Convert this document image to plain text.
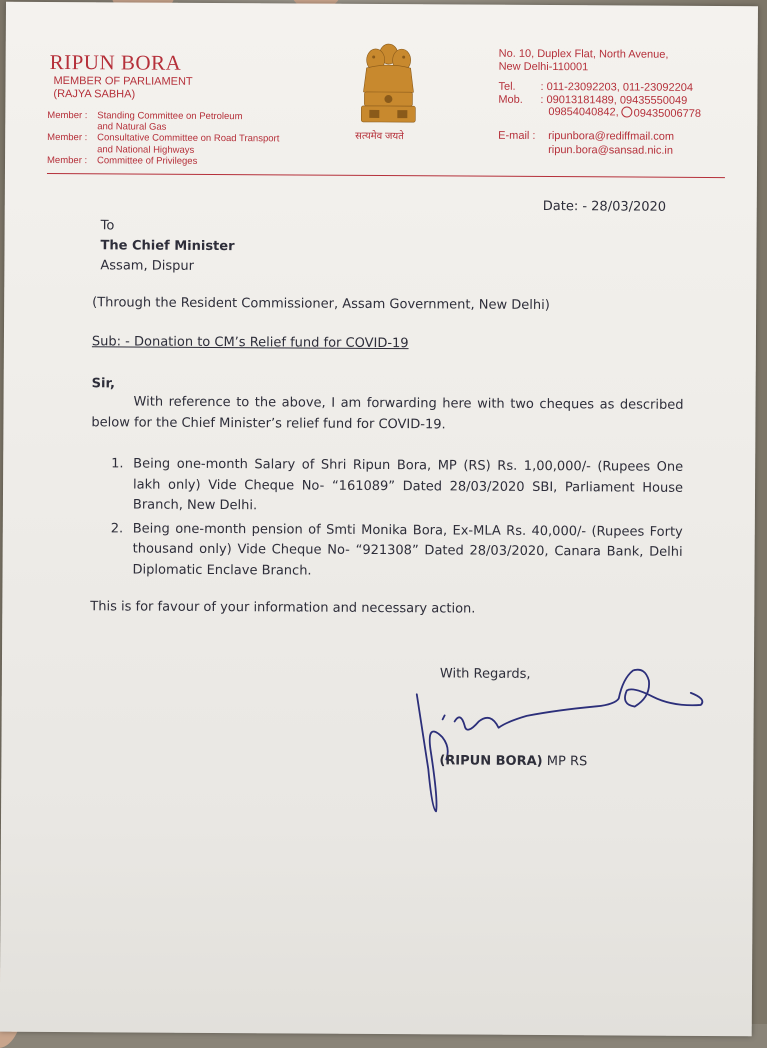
RIPUN BORA
MEMBER OF PARLIAMENT
(RAJYA SABHA)
Member :	Standing Committee on Petroleum
and Natural Gas
Member :	Consultative Committee on Road Transport
and National Highways
Member :	Committee of Privileges
सत्यमेव जयते
No. 10, Duplex Flat, North Avenue,
New Delhi-110001
Tel.	: 011-23092203, 011-23092204
Mob.	: 09013181489, 09435550049
09854040842,	09435006778
E-mail :	ripunbora@rediffmail.com
ripun.bora@sansad.nic.in
Date: - 28/03/2020
To
The Chief Minister
Assam, Dispur
(Through the Resident Commissioner, Assam Government, New Delhi)
Sub: - Donation to CM’s Relief fund for COVID-19
Sir,
With reference to the above, I am forwarding here with two cheques as described below for the Chief Minister’s relief fund for COVID-19.
1. Being one-month Salary of Shri Ripun Bora, MP (RS) Rs. 1,00,000/- (Rupees One lakh only) Vide Cheque No- “161089” Dated 28/03/2020 SBI, Parliament House Branch, New Delhi.
2. Being one-month pension of Smti Monika Bora, Ex-MLA Rs. 40,000/- (Rupees Forty thousand only) Vide Cheque No- “921308” Dated 28/03/2020, Canara Bank, Delhi Diplomatic Enclave Branch.
This is for favour of your information and necessary action.
With Regards,
(RIPUN BORA) MP RS
